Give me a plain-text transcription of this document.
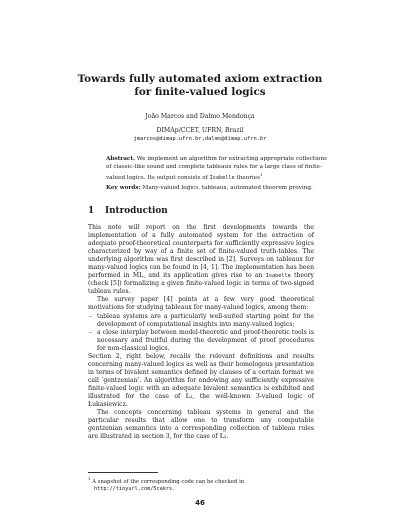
Towards fully automated axiom extraction
for finite-valued logics
João Marcos and Dalmo Mendonça
DIMAp/CCET, UFRN, Brazil
jmarcos@dimap.ufrn.br,dalmo@dimap.ufrn.br
Abstract. We implement an algorithm for extracting appropriate collections of classic-like sound and complete tableaux rules for a large class of finite-valued logics. Its output consists of Isabelle theories$^1$
Key words: Many-valued logics, tableaux, automated theorem proving.
1 Introduction

This note will report on the first developments towards the implementation of a fully automated system for the extraction of adequate proof-theoretical counterparts for sufficiently expressive logics characterized by way of a finite set of finite-valued truth-tables. The underlying algorithm was first described in [2]. Surveys on tableaux for many-valued logics can be found in [4, 1]. The implementation has been performed in ML, and its application gives rise to an Isabelle theory (check [5]) formalizing a given finite-valued logic in terms of two-signed tableau rules.

The survey paper [4] points at a few very good theoretical motivations for studying tableaux for many-valued logics, among them:

– tableau systems are a particularly well-suited starting point for the development of computational insights into many-valued logics;
– a close interplay between model-theoretic and proof-theoretic tools is necessary and fruitful during the development of proof procedures for non-classical logics.

Section 2, right below, recalls the relevant definitions and results concerning many-valued logics as well as their homologous presentation in terms of bivalent semantics defined by clauses of a certain format we call ‘gentzenian’. An algorithm for endowing any sufficiently expressive finite-valued logic with an adequate bivalent semantics is exhibited and illustrated for the case of Ł₃, the well-known 3-valued logic of Łukasiewicz.

The concepts concerning tableau systems in general and the particular results that allow one to transform any computable gentzenian semantics into a corresponding collection of tableau rules are illustrated in section 3, for the case of Ł₃.

$^1$ A snapshot of the corresponding code can be checked in
http://tinyurl.com/5cakrs.
46
